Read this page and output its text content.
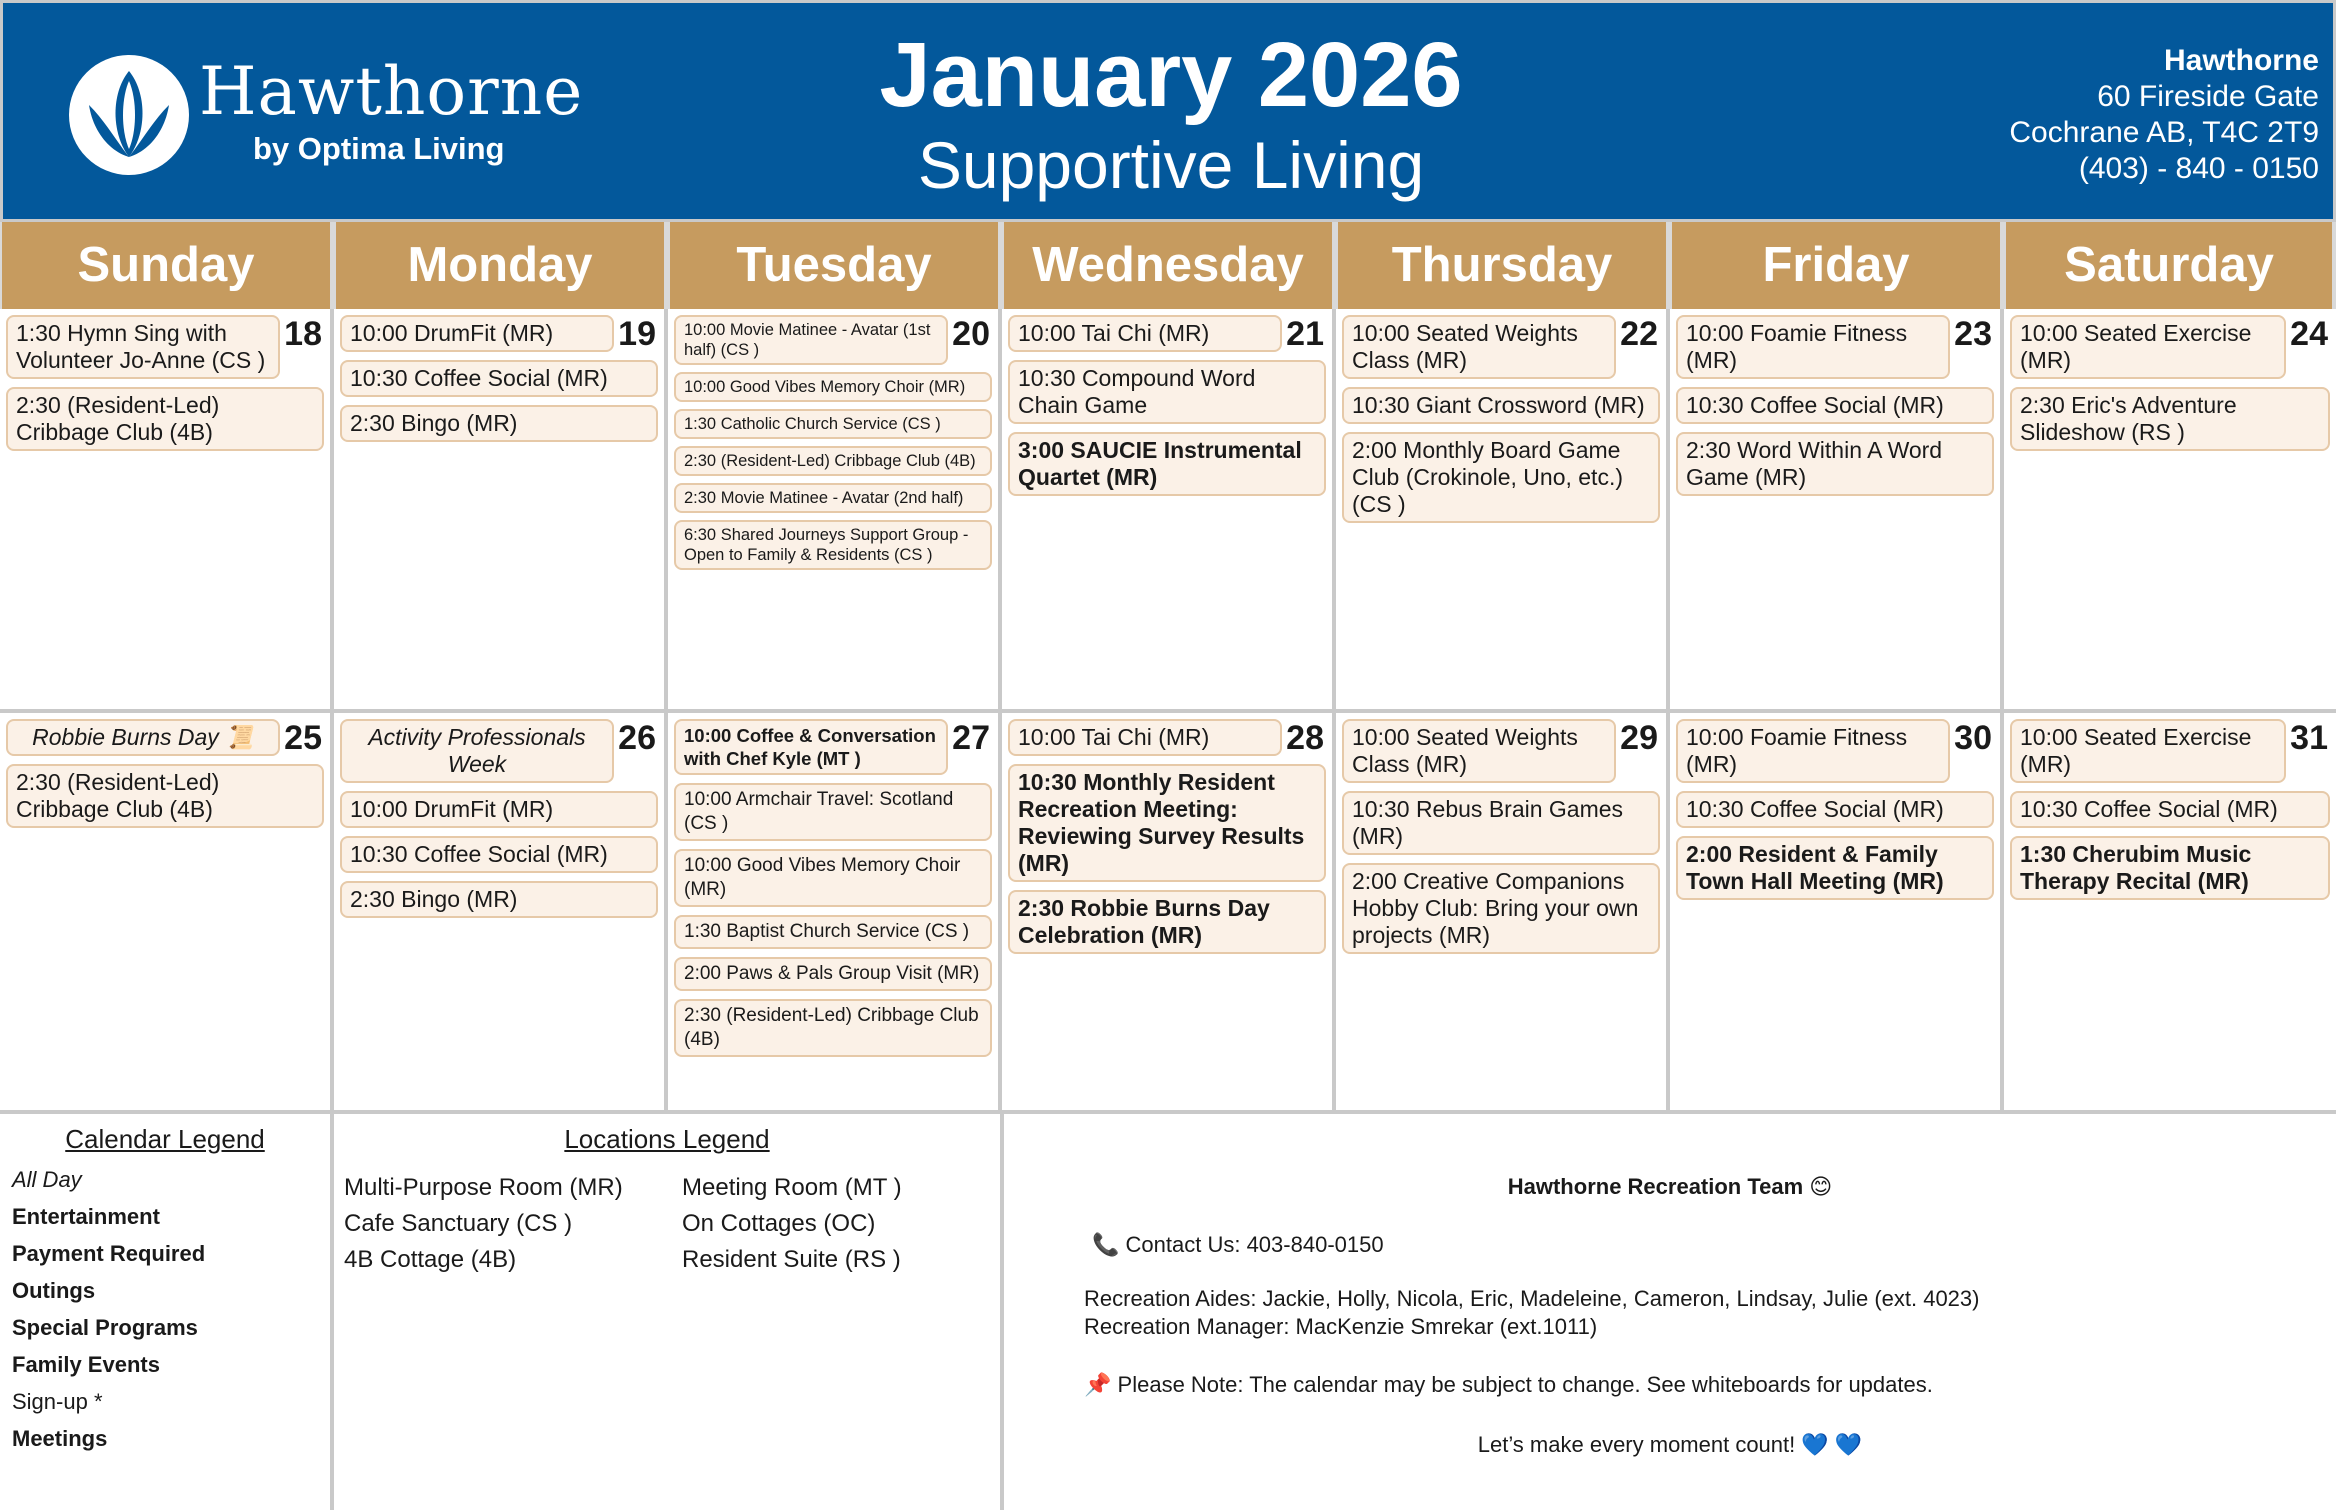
Hawthorne
by Optima Living
January 2026
Supportive Living
Hawthorne
60 Fireside Gate
Cochrane AB, T4C 2T9
(403) - 840 - 0150
Sunday	Monday	Tuesday	Wednesday	Thursday	Friday	Saturday
18
1:30 Hymn Sing with Volunteer Jo-Anne (CS )
2:30 (Resident-Led) Cribbage Club (4B)
19
10:00 DrumFit (MR)
10:30 Coffee Social (MR)
2:30 Bingo (MR)
20
10:00 Movie Matinee - Avatar (1st half) (CS )
10:00 Good Vibes Memory Choir (MR)
1:30 Catholic Church Service (CS )
2:30 (Resident-Led) Cribbage Club (4B)
2:30 Movie Matinee - Avatar (2nd half)
6:30 Shared Journeys Support Group - Open to Family & Residents (CS )
21
10:00 Tai Chi (MR)
10:30 Compound Word Chain Game
3:00 SAUCIE Instrumental Quartet (MR)
22
10:00 Seated Weights Class (MR)
10:30 Giant Crossword (MR)
2:00 Monthly Board Game Club (Crokinole, Uno, etc.) (CS )
23
10:00 Foamie Fitness (MR)
10:30 Coffee Social (MR)
2:30 Word Within A Word Game (MR)
24
10:00 Seated Exercise (MR)
2:30 Eric's Adventure Slideshow (RS )
25
Robbie Burns Day 📜
2:30 (Resident-Led) Cribbage Club (4B)
26
Activity Professionals Week
10:00 DrumFit (MR)
10:30 Coffee Social (MR)
2:30 Bingo (MR)
27
10:00 Coffee & Conversation with Chef Kyle (MT )
10:00 Armchair Travel: Scotland (CS )
10:00 Good Vibes Memory Choir (MR)
1:30 Baptist Church Service (CS )
2:00 Paws & Pals Group Visit (MR)
2:30 (Resident-Led) Cribbage Club (4B)
28
10:00 Tai Chi (MR)
10:30 Monthly Resident Recreation Meeting: Reviewing Survey Results (MR)
2:30 Robbie Burns Day Celebration (MR)
29
10:00 Seated Weights Class (MR)
10:30 Rebus Brain Games (MR)
2:00 Creative Companions Hobby Club: Bring your own projects (MR)
30
10:00 Foamie Fitness (MR)
10:30 Coffee Social (MR)
2:00 Resident & Family Town Hall Meeting (MR)
31
10:00 Seated Exercise (MR)
10:30 Coffee Social (MR)
1:30 Cherubim Music Therapy Recital (MR)
Calendar Legend
All Day
Entertainment
Payment Required
Outings
Special Programs
Family Events
Sign-up *
Meetings
Locations Legend
Multi-Purpose Room (MR) Meeting Room (MT )
Cafe Sanctuary (CS )	On Cottages (OC)
4B Cottage (4B)	Resident Suite (RS )
Hawthorne Recreation Team 😊
📞 Contact Us: 403-840-0150
Recreation Aides: Jackie, Holly, Nicola, Eric, Madeleine, Cameron, Lindsay, Julie (ext. 4023)
Recreation Manager: MacKenzie Smrekar (ext.1011)
📌 Please Note: The calendar may be subject to change. See whiteboards for updates.
Let’s make every moment count! 💙 💙
